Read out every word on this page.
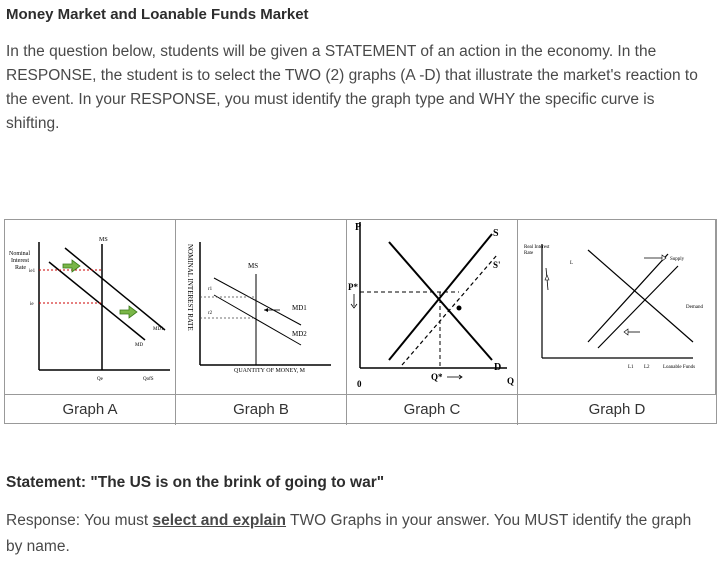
Money Market and Loanable Funds Market
In the question below, students will be given a STATEMENT of an action in the economy. In the RESPONSE, the student is to select the TWO (2) graphs (A -D) that illustrate the market's reaction to the event. In your RESPONSE, you must identify the graph type and WHY the specific curve is shifting.
Nominal
Interest
Rate
MS
ie1
ie
MD
MD1
Qe	QofS
NOMINAL INTEREST RATE	MS
r1
r2
MD1
MD2
QUANTITY OF MONEY, M
P
P*
S
S'
D
0
Q*	Q
Real Interest
Rate
L
Supply
Demand
L1 L2	Loanable Funds
Graph A	Graph B	Graph C	Graph D
Statement: "The US is on the brink of going to war"
Response: You must select and explain TWO Graphs in your answer. You MUST identify the graph by name.
